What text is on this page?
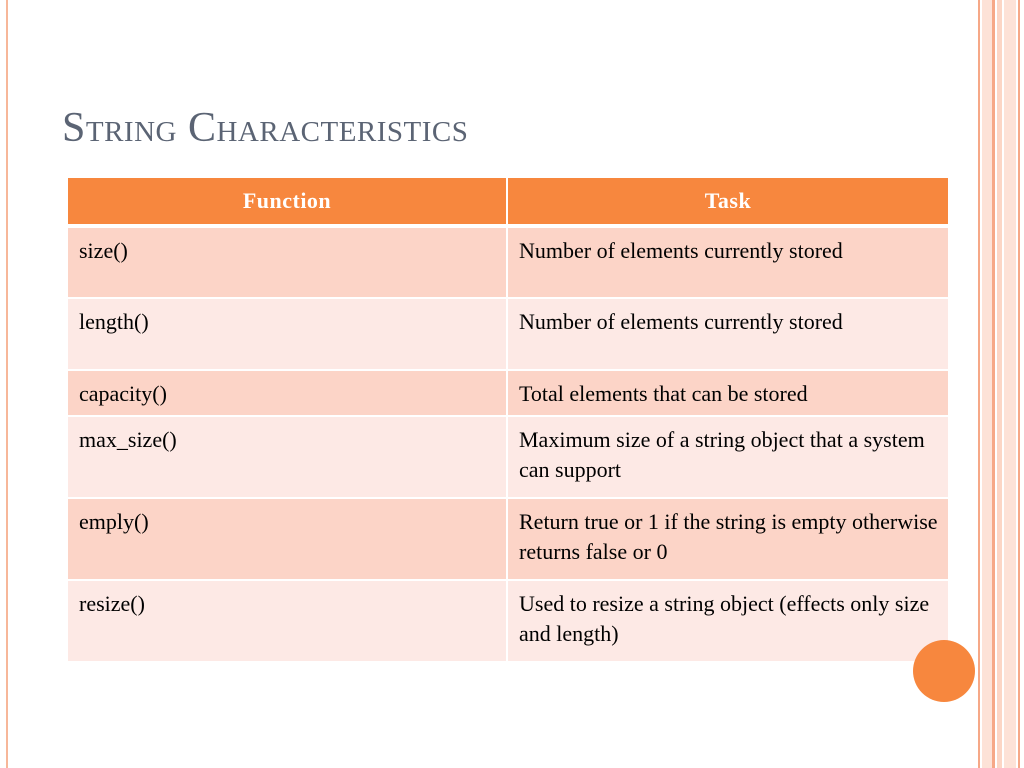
String Characteristics
Function	Task
size()	Number of elements currently stored
length()	Number of elements currently stored
capacity()	Total elements that can be stored
max_size()	Maximum size of a string object that a system can support
emply()	Return true or 1 if the string is empty otherwise returns false or 0
resize()	Used to resize a string object (effects only size and length)
